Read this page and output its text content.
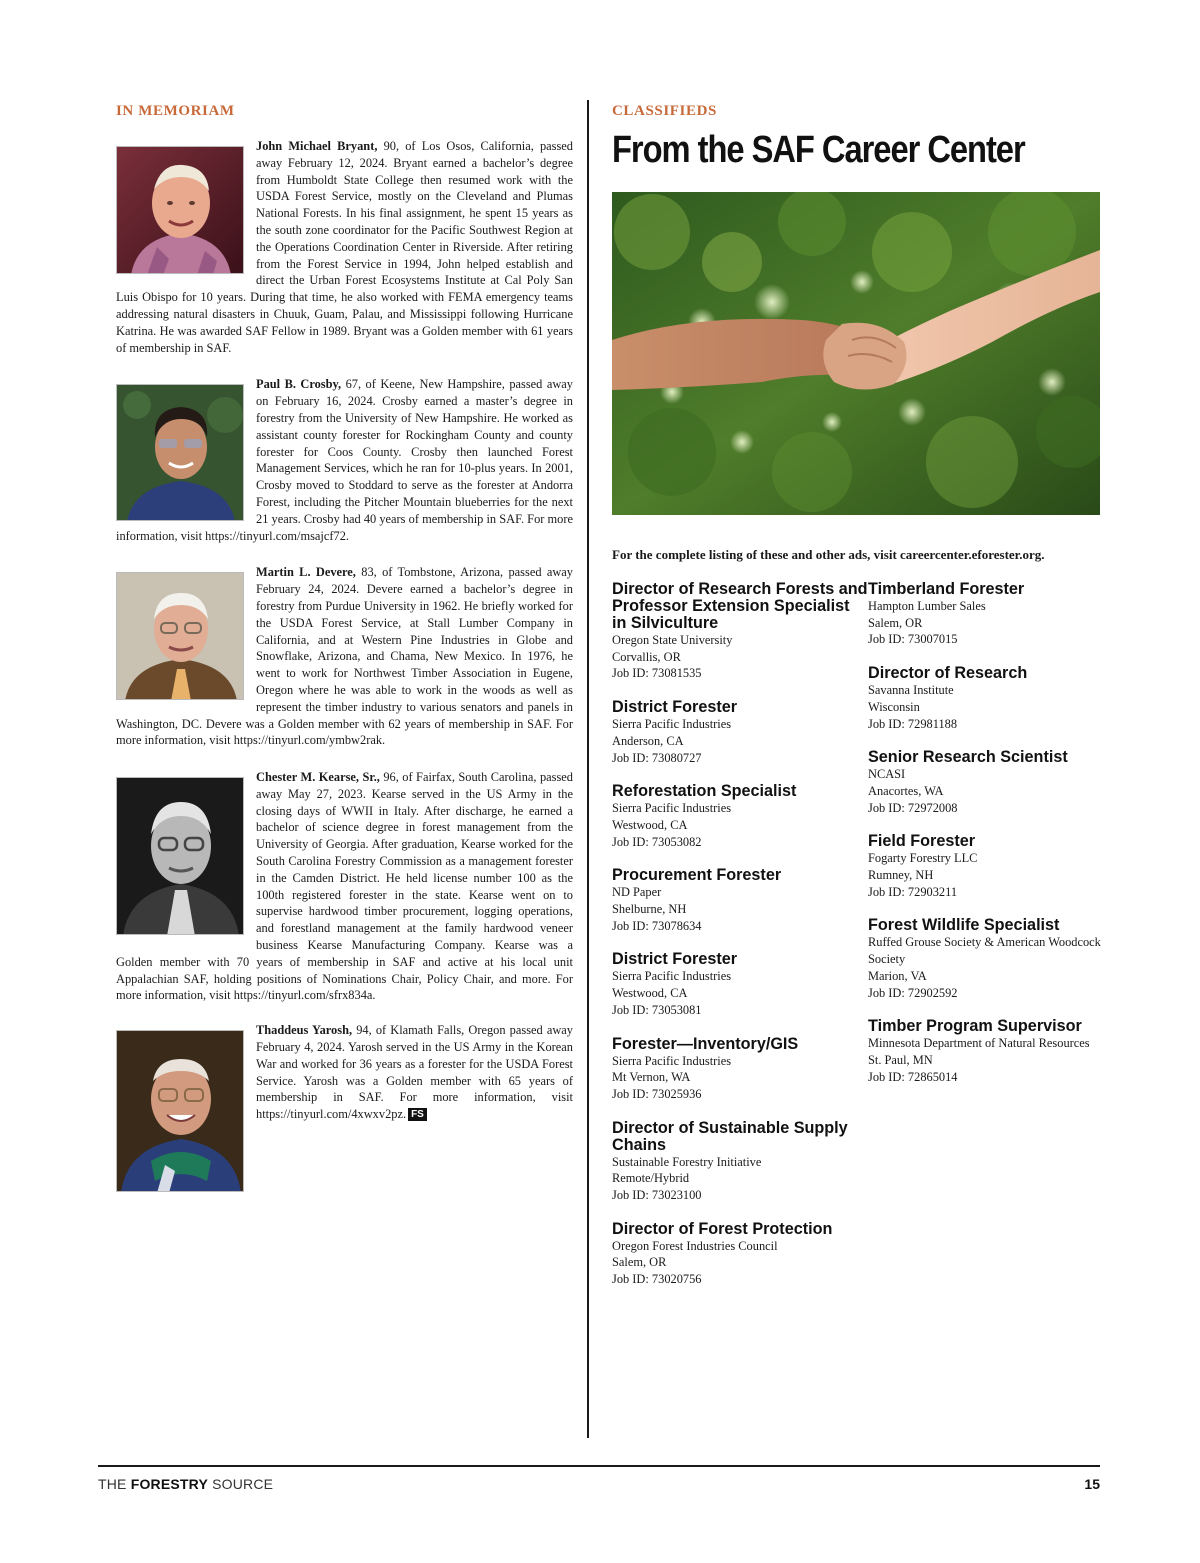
IN MEMORIAM
John Michael Bryant, 90, of Los Osos, California, passed away February 12, 2024. Bryant earned a bachelor’s degree from Humboldt State College then resumed work with the USDA Forest Service, mostly on the Cleveland and Plumas National Forests. In his final assignment, he spent 15 years as the south zone coordinator for the Pacific Southwest Region at the Operations Coordination Center in Riverside. After retiring from the Forest Service in 1994, John helped establish and direct the Urban Forest Ecosystems Institute at Cal Poly San Luis Obispo for 10 years. During that time, he also worked with FEMA emergency teams addressing natural disasters in Chuuk, Guam, Palau, and Mississippi following Hurricane Katrina. He was awarded SAF Fellow in 1989. Bryant was a Golden member with 61 years of membership in SAF.
Paul B. Crosby, 67, of Keene, New Hampshire, passed away on February 16, 2024. Crosby earned a master’s degree in forestry from the University of New Hampshire. He worked as assistant county forester for Rockingham County and county forester for Coos County. Crosby then launched Forest Management Services, which he ran for 10-plus years. In 2001, Crosby moved to Stoddard to serve as the forester at Andorra Forest, including the Pitcher Mountain blueberries for the next 21 years. Crosby had 40 years of membership in SAF. For more information, visit https://tinyurl.com/msajcf72.
Martin L. Devere, 83, of Tombstone, Arizona, passed away February 24, 2024. Devere earned a bachelor’s degree in forestry from Purdue University in 1962. He briefly worked for the USDA Forest Service, at Stall Lumber Company in California, and at Western Pine Industries in Globe and Snowflake, Arizona, and Chama, New Mexico. In 1976, he went to work for Northwest Timber Association in Eugene, Oregon where he was able to work in the woods as well as represent the timber industry to various senators and panels in Washington, DC. Devere was a Golden member with 62 years of membership in SAF. For more information, visit https://tinyurl.com/ymbw2rak.
Chester M. Kearse, Sr., 96, of Fairfax, South Carolina, passed away May 27, 2023. Kearse served in the US Army in the closing days of WWII in Italy. After discharge, he earned a bachelor of science degree in forest management from the University of Georgia. After graduation, Kearse worked for the South Carolina Forestry Commission as a management forester in the Camden District. He held license number 100 as the 100th registered forester in the state. Kearse went on to supervise hardwood timber procurement, logging operations, and forestland management at the family hardwood veneer business Kearse Manufacturing Company. Kearse was a Golden member with 70 years of membership in SAF and active at his local unit Appalachian SAF, holding positions of Nominations Chair, Policy Chair, and more. For more information, visit https://tinyurl.com/sfrx834a.
Thaddeus Yarosh, 94, of Klamath Falls, Oregon passed away February 4, 2024. Yarosh served in the US Army in the Korean War and worked for 36 years as a forester for the USDA Forest Service. Yarosh was a Golden member with 65 years of membership in SAF. For more information, visit https://tinyurl.com/4xwxv2pz. FS
CLASSIFIEDS
From the SAF Career Center
For the complete listing of these and other ads, visit careercenter.eforester.org.
Director of Research Forests and Professor Extension Specialist in Silviculture
Oregon State University
Corvallis, OR
Job ID: 73081535
District Forester
Sierra Pacific Industries
Anderson, CA
Job ID: 73080727
Reforestation Specialist
Sierra Pacific Industries
Westwood, CA
Job ID: 73053082
Procurement Forester
ND Paper
Shelburne, NH
Job ID: 73078634
District Forester
Sierra Pacific Industries
Westwood, CA
Job ID: 73053081
Forester—Inventory/GIS
Sierra Pacific Industries
Mt Vernon, WA
Job ID: 73025936
Director of Sustainable Supply Chains
Sustainable Forestry Initiative
Remote/Hybrid
Job ID: 73023100
Director of Forest Protection
Oregon Forest Industries Council
Salem, OR
Job ID: 73020756
Timberland Forester
Hampton Lumber Sales
Salem, OR
Job ID: 73007015
Director of Research
Savanna Institute
Wisconsin
Job ID: 72981188
Senior Research Scientist
NCASI
Anacortes, WA
Job ID: 72972008
Field Forester
Fogarty Forestry LLC
Rumney, NH
Job ID: 72903211
Forest Wildlife Specialist
Ruffed Grouse Society & American Woodcock Society
Marion, VA
Job ID: 72902592
Timber Program Supervisor
Minnesota Department of Natural Resources
St. Paul, MN
Job ID: 72865014
THE FORESTRY SOURCE	15
